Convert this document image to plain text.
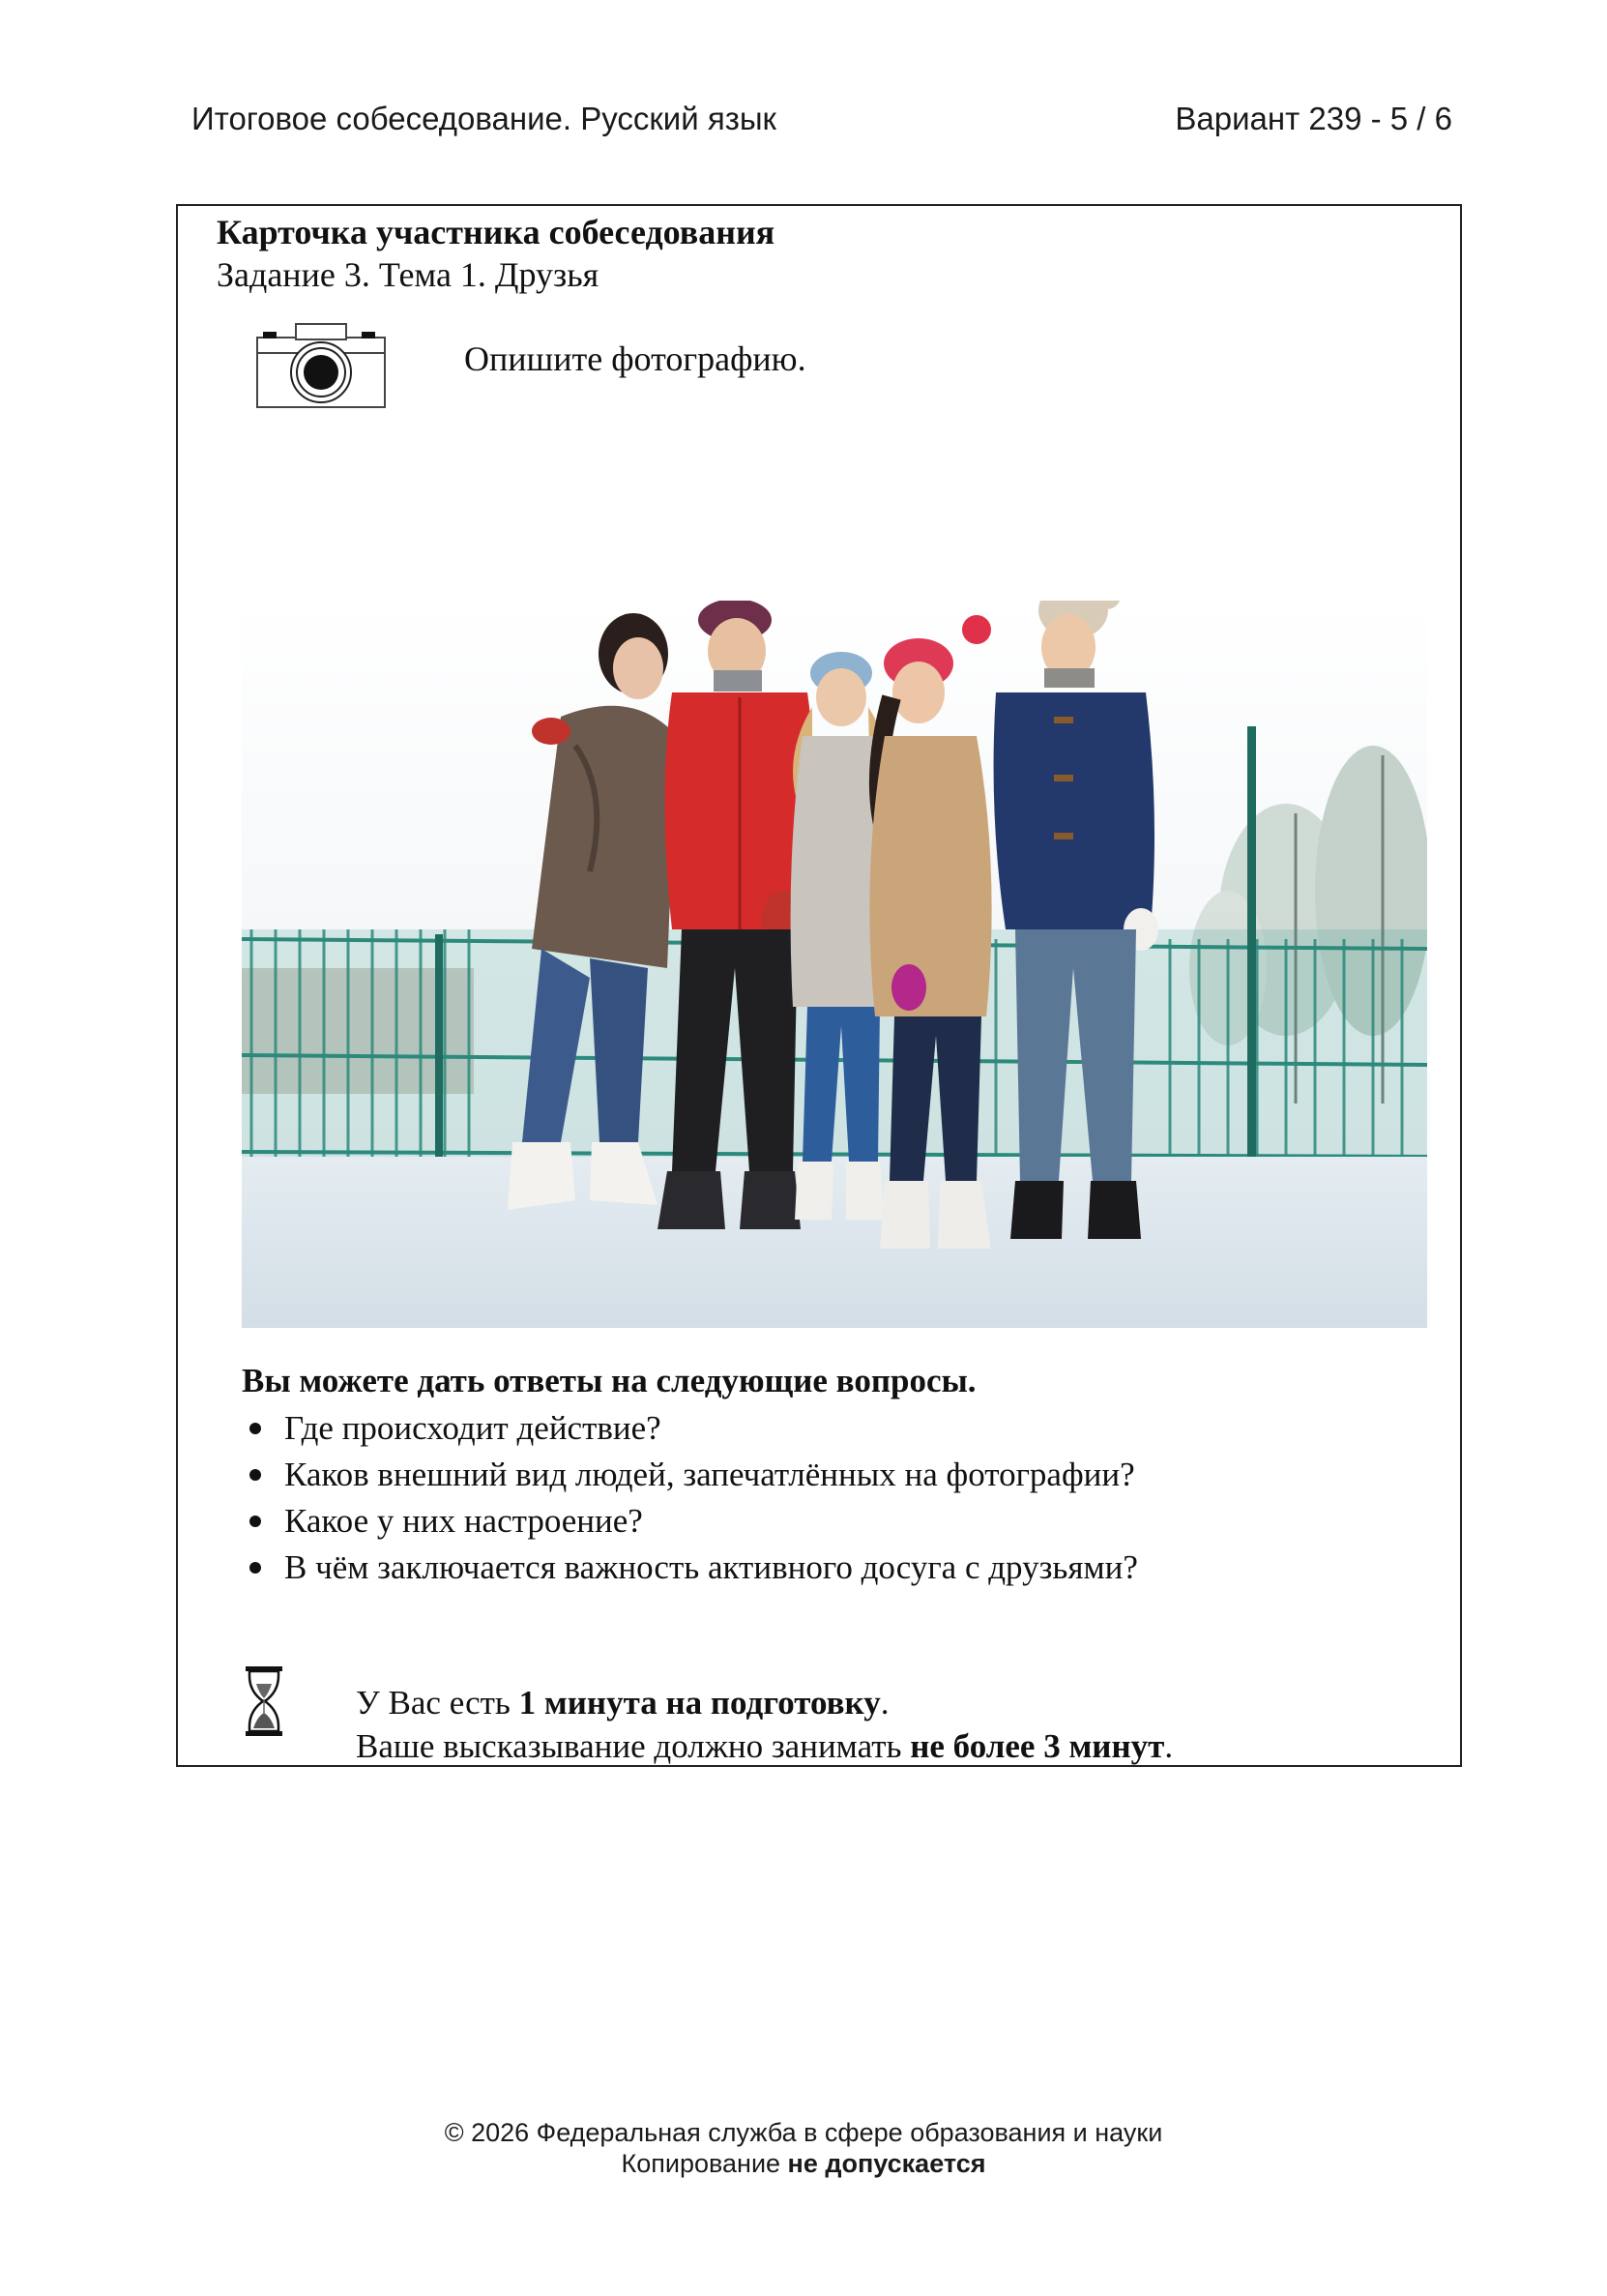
Итоговое собеседование. Русский язык	Вариант 239 - 5 / 6
Карточка участника собеседования
Задание 3. Тема 1. Друзья
Опишите фотографию.
Вы можете дать ответы на следующие вопросы.
Где происходит действие?
Каков внешний вид людей, запечатлённых на фотографии?
Какое у них настроение?
В чём заключается важность активного досуга с друзьями?
У Вас есть 1 минута на подготовку.
Ваше высказывание должно занимать не более 3 минут.
© 2026 Федеральная служба в сфере образования и науки
Копирование не допускается
